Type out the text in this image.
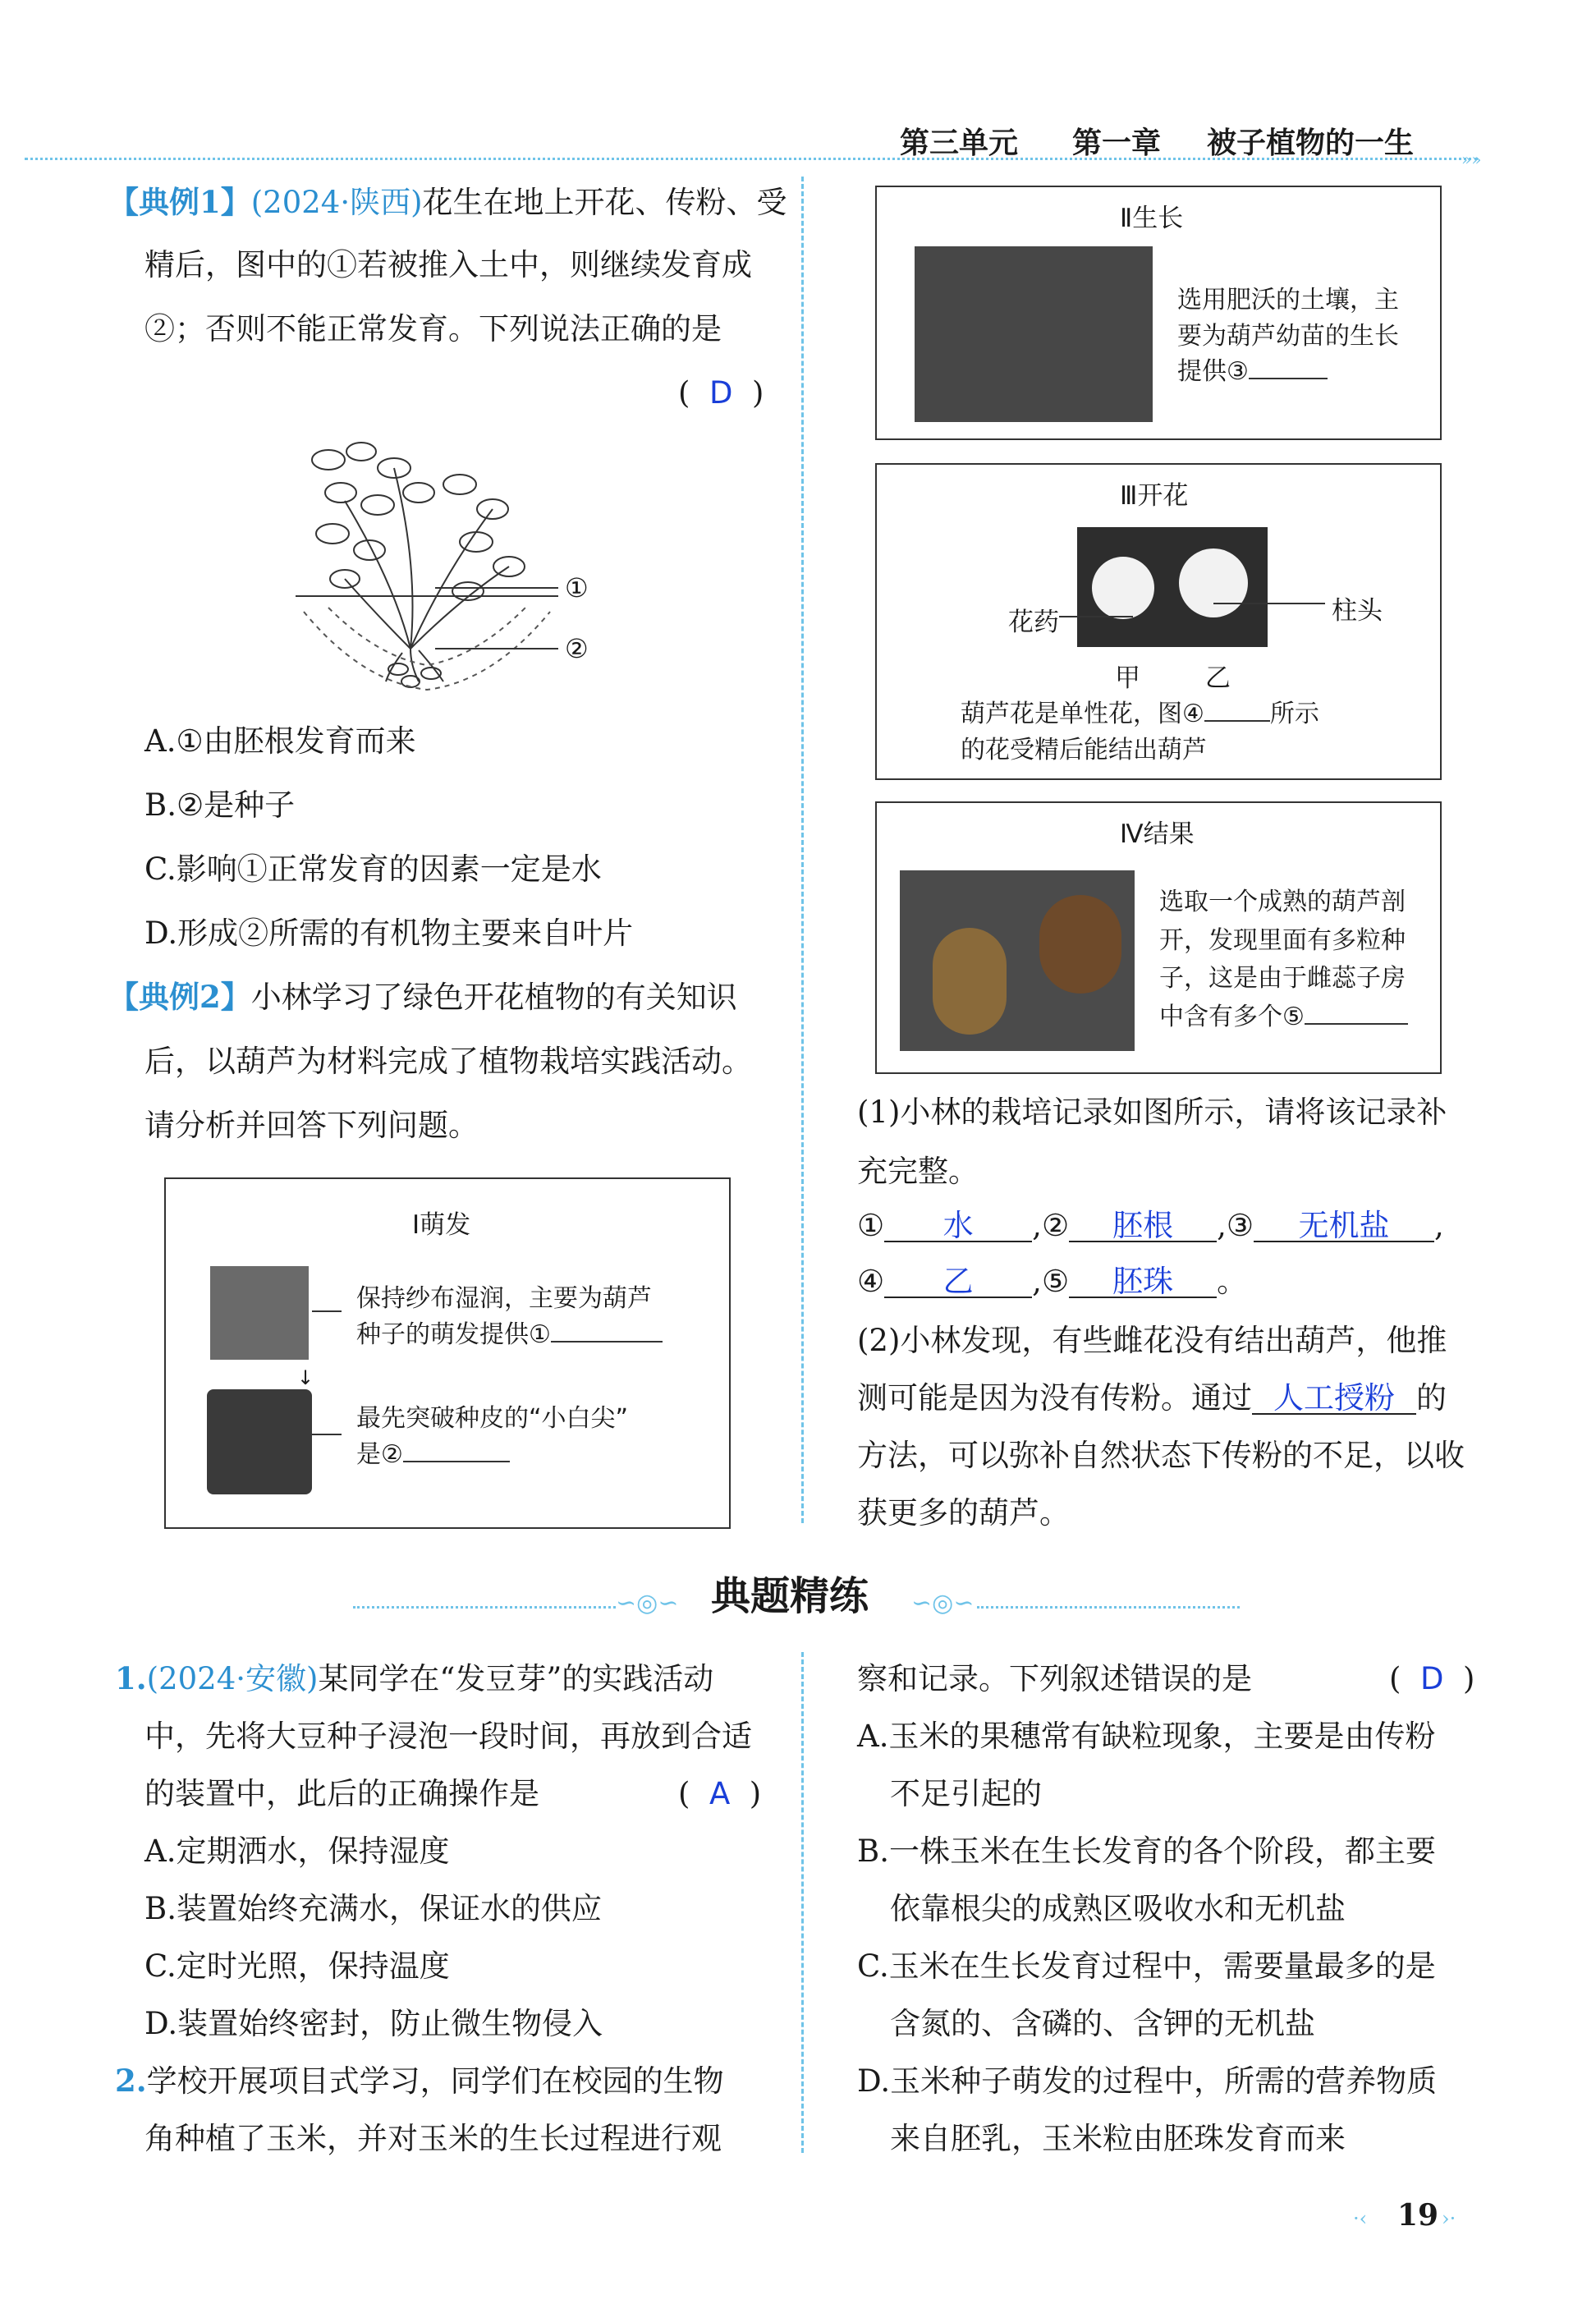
第三单元 第一章 被子植物的一生	»»
【典例1】(2024·陕西)花生在地上开花、传粉、受
精后，图中的①若被推入土中，则继续发育成
②；否则不能正常发育。下列说法正确的是
(  D  )
①
②
A.①由胚根发育而来
B.②是种子
C.影响①正常发育的因素一定是水
D.形成②所需的有机物主要来自叶片
【典例2】小林学习了绿色开花植物的有关知识
后，以葫芦为材料完成了植物栽培实践活动。
请分析并回答下列问题。
Ⅰ萌发
↓
保持纱布湿润，主要为葫芦
种子的萌发提供①
最先突破种皮的“小白尖”
是②
Ⅱ生长
选用肥沃的土壤，主
要为葫芦幼苗的生长
提供③
Ⅲ开花
花药	柱头
甲	乙
葫芦花是单性花，图④	所示
的花受精后能结出葫芦
Ⅳ结果
选取一个成熟的葫芦剖
开，发现里面有多粒种
子，这是由于雌蕊子房
中含有多个⑤
(1)小林的栽培记录如图所示，请将该记录补
充完整。
① 水 ,② 胚根 ,③ 无机盐 ,
④ 乙 ,⑤ 胚珠 。
(2)小林发现，有些雌花没有结出葫芦，他推
测可能是因为没有传粉。通过 人工授粉 的
方法，可以弥补自然状态下传粉的不足，以收
获更多的葫芦。
∽◎∽	∽◎∽
典题精练
1.(2024·安徽)某同学在“发豆芽”的实践活动
中，先将大豆种子浸泡一段时间，再放到合适
的装置中，此后的正确操作是	(  A  )
A.定期洒水，保持湿度
B.装置始终充满水，保证水的供应
C.定时光照，保持温度
D.装置始终密封，防止微生物侵入
2.学校开展项目式学习，同学们在校园的生物
角种植了玉米，并对玉米的生长过程进行观
察和记录。下列叙述错误的是	(  D  )
A.玉米的果穗常有缺粒现象，主要是由传粉
不足引起的
B.一株玉米在生长发育的各个阶段，都主要
依靠根尖的成熟区吸收水和无机盐
C.玉米在生长发育过程中，需要量最多的是
含氮的、含磷的、含钾的无机盐
D.玉米种子萌发的过程中，所需的营养物质
来自胚乳，玉米粒由胚珠发育而来
·‹ 19 ›·
